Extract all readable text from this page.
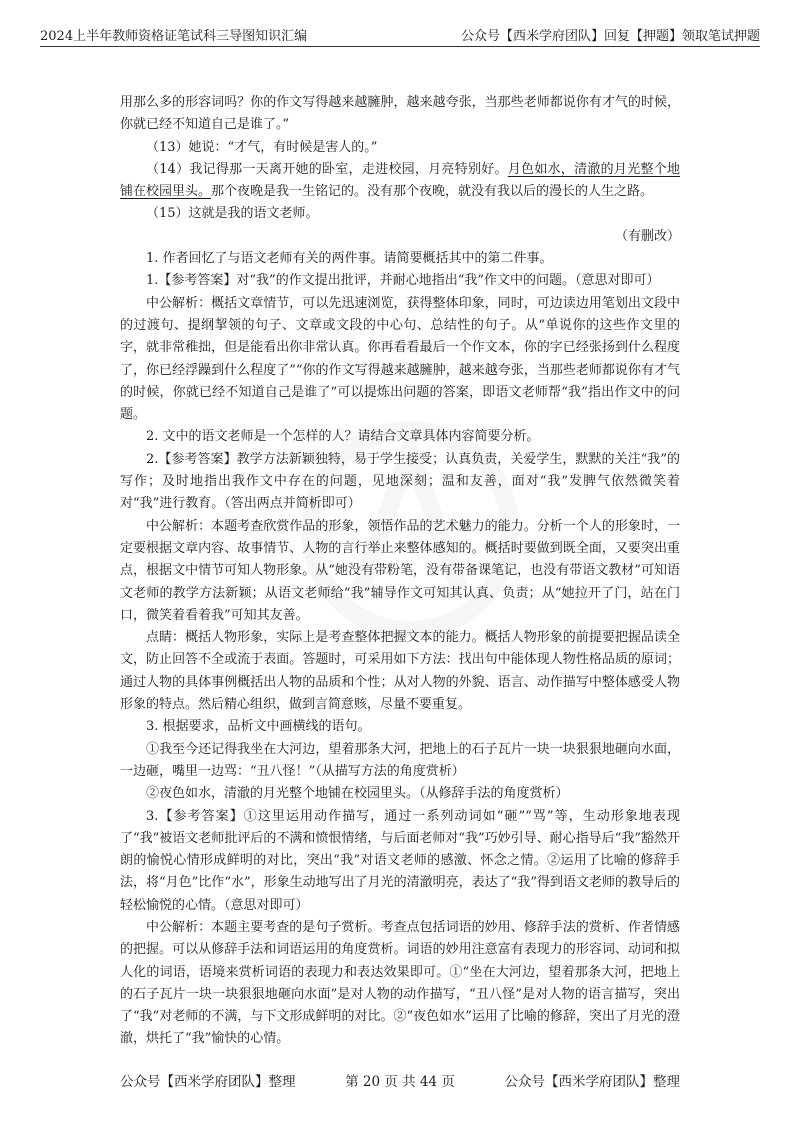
2024上半年教师资格证笔试科三导图知识汇编	公众号【西米学府团队】回复【押题】领取笔试押题

用那么多的形容词吗？你的作文写得越来越臃肿，越来越夸张，当那些老师都说你有才气的时候，你就已经不知道自己是谁了。”

（13）她说：“才气，有时候是害人的。”

（14）我记得那一天离开她的卧室，走进校园，月亮特别好。月色如水，清澈的月光整个地铺在校园里头。那个夜晚是我一生铭记的。没有那个夜晚，就没有我以后的漫长的人生之路。

（15）这就是我的语文老师。

（有删改）

1. 作者回忆了与语文老师有关的两件事。请简要概括其中的第二件事。

1.【参考答案】对“我”的作文提出批评，并耐心地指出“我”作文中的问题。（意思对即可）

中公解析：概括文章情节，可以先迅速浏览，获得整体印象，同时，可边读边用笔划出文段中的过渡句、提纲挈领的句子、文章或文段的中心句、总结性的句子。从“单说你的这些作文里的字，就非常稚拙，但是能看出你非常认真。你再看看最后一个作文本，你的字已经张扬到什么程度了，你已经浮躁到什么程度了”“你的作文写得越来越臃肿，越来越夸张，当那些老师都说你有才气的时候，你就已经不知道自己是谁了”可以提炼出问题的答案，即语文老师帮“我”指出作文中的问题。

2. 文中的语文老师是一个怎样的人？请结合文章具体内容简要分析。

2.【参考答案】教学方法新颖独特，易于学生接受；认真负责，关爱学生，默默的关注“我”的写作；及时地指出我作文中存在的问题，见地深刻；温和友善，面对“我”发脾气依然微笑着对“我”进行教育。（答出两点并简析即可）

中公解析：本题考查欣赏作品的形象，领悟作品的艺术魅力的能力。分析一个人的形象时，一定要根据文章内容、故事情节、人物的言行举止来整体感知的。概括时要做到既全面，又要突出重点，根据文中情节可知人物形象。从“她没有带粉笔，没有带备课笔记，也没有带语文教材”可知语文老师的教学方法新颖；从语文老师给“我”辅导作文可知其认真、负责；从“她拉开了门，站在门口，微笑着看着我”可知其友善。

点睛：概括人物形象，实际上是考查整体把握文本的能力。概括人物形象的前提要把握品读全文，防止回答不全或流于表面。答题时，可采用如下方法：找出句中能体现人物性格品质的原词；通过人物的具体事例概括出人物的品质和个性；从对人物的外貌、语言、动作描写中整体感受人物形象的特点。然后精心组织，做到言简意赅，尽量不要重复。

3. 根据要求，品析文中画横线的语句。

①我至今还记得我坐在大河边，望着那条大河，把地上的石子瓦片一块一块狠狠地砸向水面，一边砸，嘴里一边骂：“丑八怪！”（从描写方法的角度赏析）

②夜色如水，清澈的月光整个地铺在校园里头。（从修辞手法的角度赏析）

3.【参考答案】①这里运用动作描写，通过一系列动词如“砸”“骂”等，生动形象地表现了“我”被语文老师批评后的不满和愤恨情绪，与后面老师对“我”巧妙引导、耐心指导后“我”豁然开朗的愉悦心情形成鲜明的对比，突出“我”对语文老师的感激、怀念之情。②运用了比喻的修辞手法，将“月色”比作“水”，形象生动地写出了月光的清澈明亮，表达了“我”得到语文老师的教导后的轻松愉悦的心情。（意思对即可）

中公解析：本题主要考查的是句子赏析。考查点包括词语的妙用、修辞手法的赏析、作者情感的把握。可以从修辞手法和词语运用的角度赏析。词语的妙用注意富有表现力的形容词、动词和拟人化的词语，语境来赏析词语的表现力和表达效果即可。①“坐在大河边，望着那条大河，把地上的石子瓦片一块一块狠狠地砸向水面”是对人物的动作描写，“丑八怪”是对人物的语言描写，突出了“我”对老师的不满，与下文形成鲜明的对比。②“夜色如水”运用了比喻的修辞，突出了月光的澄澈，烘托了“我”愉快的心情。

公众号【西米学府团队】整理	第 20 页 共 44 页	公众号【西米学府团队】整理
